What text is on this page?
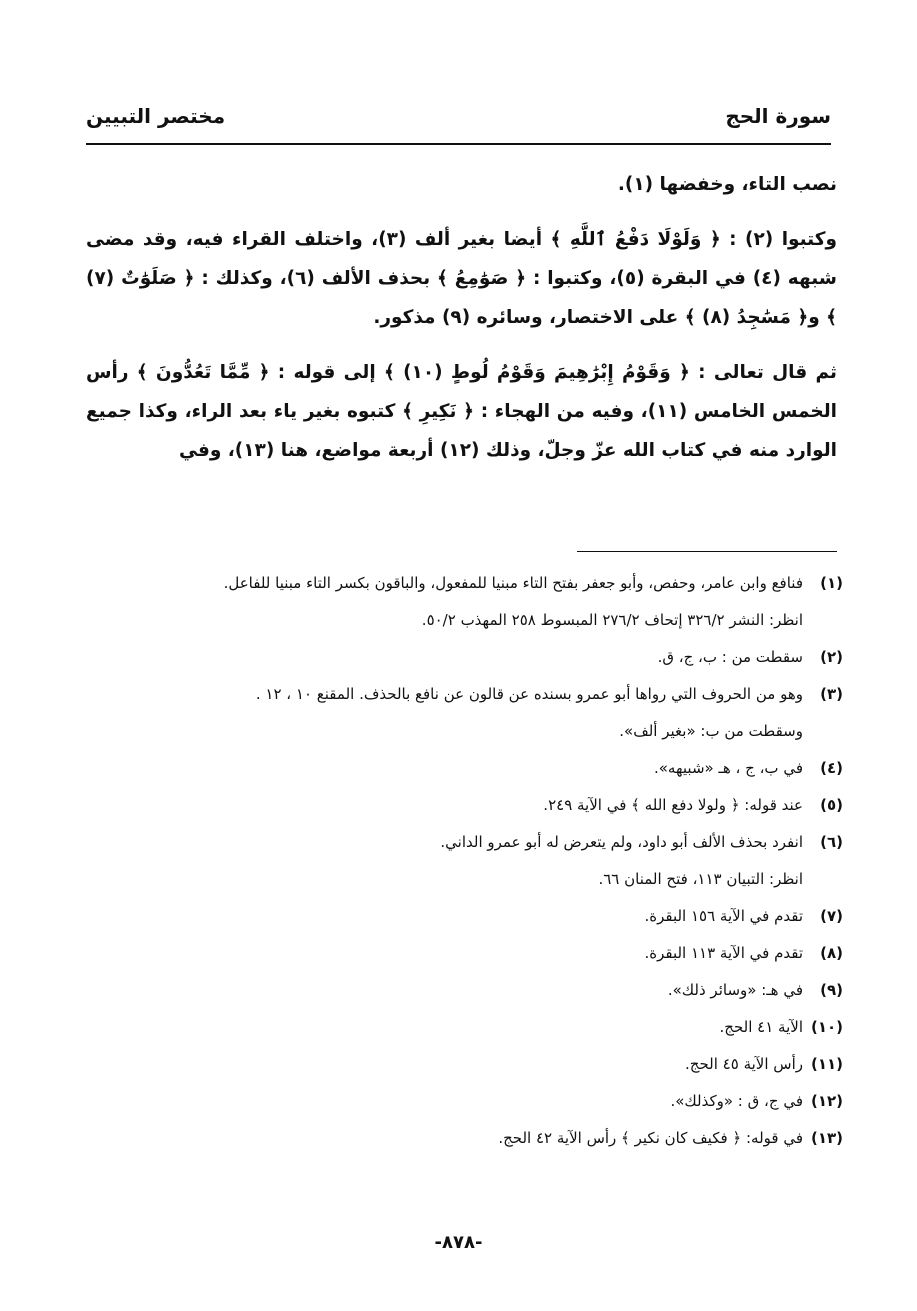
سورة الحج
مختصر التبيين

نصب التاء، وخفضها (١).

وكتبوا (٢) : ﴿ وَلَوْلَا دَفْعُ ٱللَّهِ ﴾ أيضا بغير ألف (٣)، واختلف القراء فيه، وقد مضى شبهه (٤) في البقرة (٥)، وكتبوا : ﴿ صَوَٰمِعُ ﴾ بحذف الألف (٦)، وكذلك : ﴿ صَلَوَٰتٌ (٧) ﴾ و﴿ مَسَٰجِدُ (٨) ﴾ على الاختصار، وسائره (٩) مذكور.

ثم قال تعالى : ﴿ وَقَوْمُ إِبْرَٰهِيمَ وَقَوْمُ لُوطٍ (١٠) ﴾ إلى قوله : ﴿ مِّمَّا تَعُدُّونَ ﴾ رأس الخمس الخامس (١١)، وفيه من الهجاء : ﴿ نَكِيرِ ﴾ كتبوه بغير ياء بعد الراء، وكذا جميع الوارد منه في كتاب الله عزّ وجلّ، وذلك (١٢) أربعة مواضع، هنا (١٣)، وفي

(١)
فنافع وابن عامر، وحفص، وأبو جعفر بفتح التاء مبنيا للمفعول، والباقون بكسر التاء مبنيا للفاعل.
انظر: النشر ٣٢٦/٢ إتحاف ٢٧٦/٢ المبسوط ٢٥٨ المهذب ٥٠/٢.
(٢)
سقطت من : ب، ج، ق.
(٣)
وهو من الحروف التي رواها أبو عمرو بسنده عن قالون عن نافع بالحذف. المقنع ١٠ ، ١٢ .
وسقطت من ب: «بغير ألف».
(٤)
في ب، ج ، هـ «شبيهه».
(٥)
عند قوله: ﴿ ولولا دفع الله ﴾ في الآية ٢٤٩.
(٦)
انفرد بحذف الألف أبو داود، ولم يتعرض له أبو عمرو الداني.
انظر: التبيان ١١٣، فتح المنان ٦٦.
(٧)
تقدم في الآية ١٥٦ البقرة.
(٨)
تقدم في الآية ١١٣ البقرة.
(٩)
في هـ: «وسائر ذلك».
(١٠)
الآية ٤١ الحج.
(١١)
رأس الآية ٤٥ الحج.
(١٢)
في ج، ق : «وكذلك».
(١٣)
في قوله: ﴿ فكيف كان نكير ﴾ رأس الآية ٤٢ الحج.
-٨٧٨-
